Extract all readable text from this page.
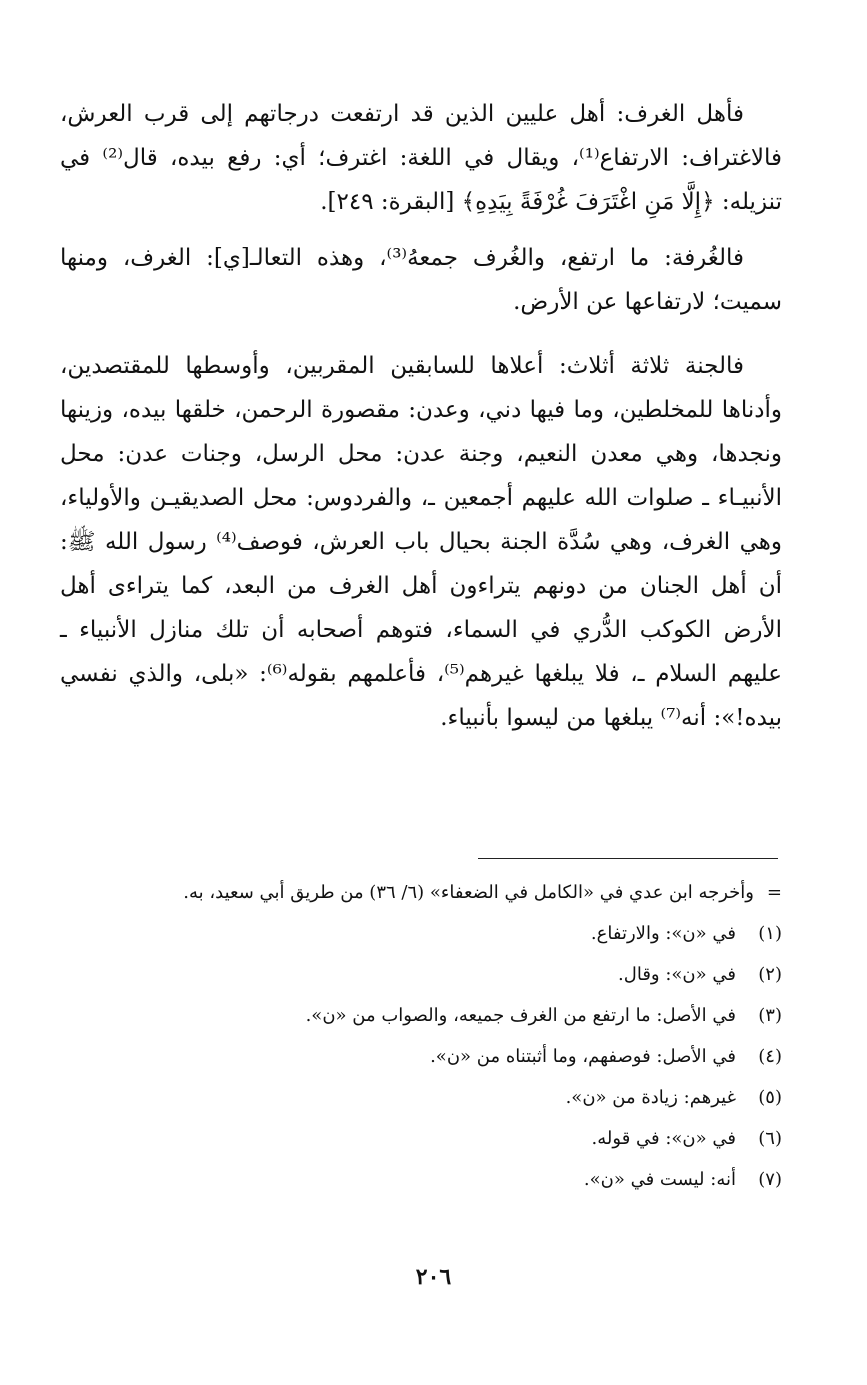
فأهل الغرف: أهل عليين الذين قد ارتفعت درجاتهم إلى قرب العرش، فالاغتراف: الارتفاع⁽¹⁾، ويقال في اللغة: اغترف؛ أي: رفع بيده، قال⁽²⁾ في تنزيله: ﴿إِلَّا مَنِ اغْتَرَفَ غُرْفَةً بِيَدِهِ﴾ [البقرة: ٢٤٩].

فالغُرفة: ما ارتفع، والغُرف جمعهُ⁽³⁾، وهذه التعالـ[ي]: الغرف، ومنها سميت؛ لارتفاعها عن الأرض.

فالجنة ثلاثة أثلاث: أعلاها للسابقين المقربين، وأوسطها للمقتصدين، وأدناها للمخلطين، وما فيها دني، وعدن: مقصورة الرحمن، خلقها بيده، وزينها ونجدها، وهي معدن النعيم، وجنة عدن: محل الرسل، وجنات عدن: محل الأنبيـاء ـ صلوات الله عليهم أجمعين ـ، والفردوس: محل الصديقيـن والأولياء، وهي الغرف، وهي سُدَّة الجنة بحيال باب العرش، فوصف⁽⁴⁾ رسول الله ﷺ: أن أهل الجنان من دونهم يتراءون أهل الغرف من البعد، كما يتراءى أهل الأرض الكوكب الدُّري في السماء، فتوهم أصحابه أن تلك منازل الأنبياء ـ عليهم السلام ـ، فلا يبلغها غيرهم⁽⁵⁾، فأعلمهم بقوله⁽⁶⁾: «بلى، والذي نفسي بيده!»: أنه⁽⁷⁾ يبلغها من ليسوا بأنبياء.

=
وأخرجه ابن عدي في «الكامل في الضعفاء» (٦/ ٣٦) من طريق أبي سعيد، به.
(١)
في «ن»: والارتفاع.
(٢)
في «ن»: وقال.
(٣)
في الأصل: ما ارتفع من الغرف جميعه، والصواب من «ن».
(٤)
في الأصل: فوصفهم، وما أثبتناه من «ن».
(٥)
غيرهم: زيادة من «ن».
(٦)
في «ن»: في قوله.
(٧)
أنه: ليست في «ن».
٢٠٦
